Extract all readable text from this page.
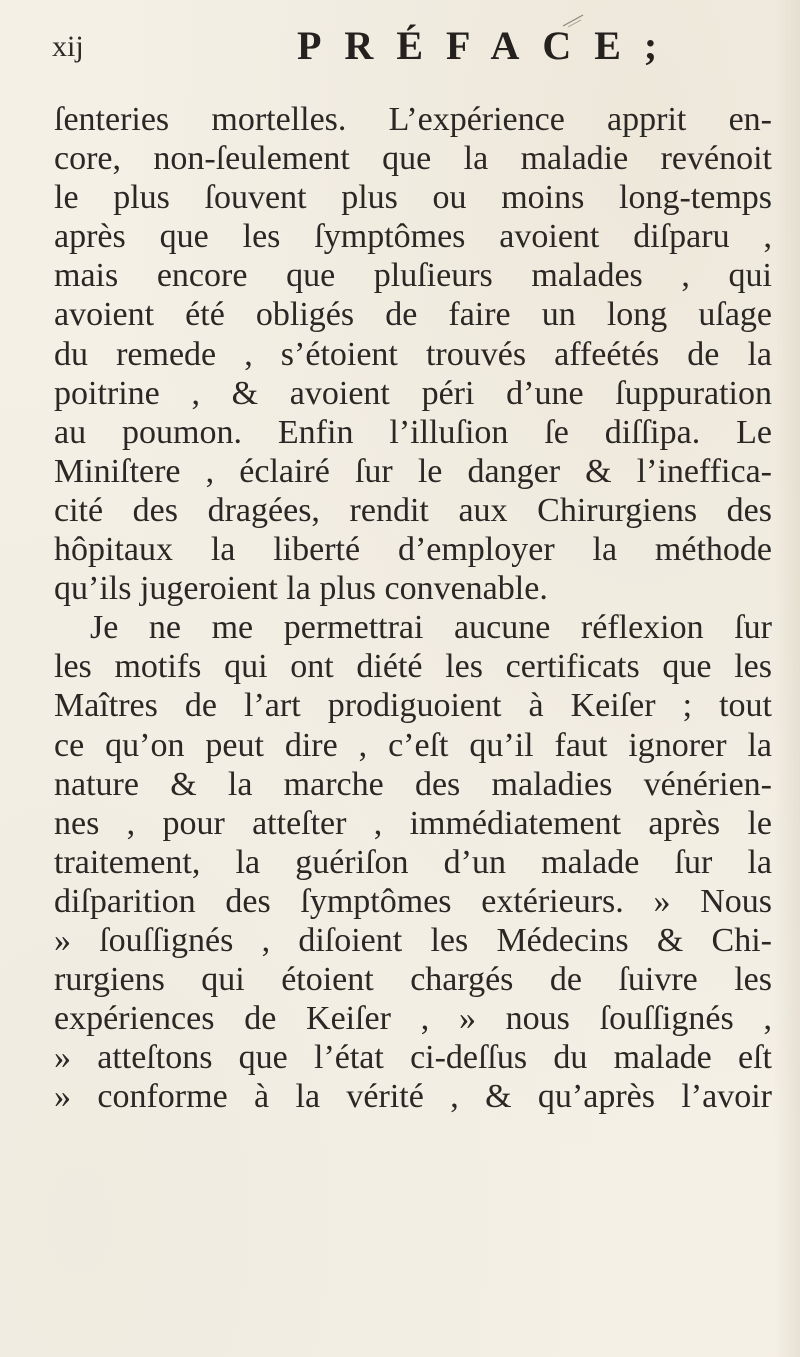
xij	PRÉFACE;
ſenteries mortelles. L’expérience apprit en-
core, non-ſeulement que la maladie revénoit
le plus ſouvent plus ou moins long-temps
après que les ſymptômes avoient diſparu ,
mais encore que pluſieurs malades , qui
avoient été obligés de faire un long uſage
du remede , s’étoient trouvés affeétés de la
poitrine , & avoient péri d’une ſuppuration
au poumon. Enfin l’illuſion ſe diſſipa. Le
Miniſtere , éclairé ſur le danger & l’ineffica-
cité des dragées, rendit aux Chirurgiens des
hôpitaux la liberté d’employer la méthode
qu’ils jugeroient la plus convenable.
Je ne me permettrai aucune réflexion ſur
les motifs qui ont diété les certificats que les
Maîtres de l’art prodiguoient à Keiſer ; tout
ce qu’on peut dire , c’eſt qu’il faut ignorer la
nature & la marche des maladies vénérien-
nes , pour atteſter , immédiatement après le
traitement, la guériſon d’un malade ſur la
diſparition des ſymptômes extérieurs. » Nous
» ſouſſignés , diſoient les Médecins & Chi-
rurgiens qui étoient chargés de ſuivre les
expériences de Keiſer , » nous ſouſſignés ,
» atteſtons que l’état ci-deſſus du malade eſt
» conforme à la vérité , & qu’après l’avoir
